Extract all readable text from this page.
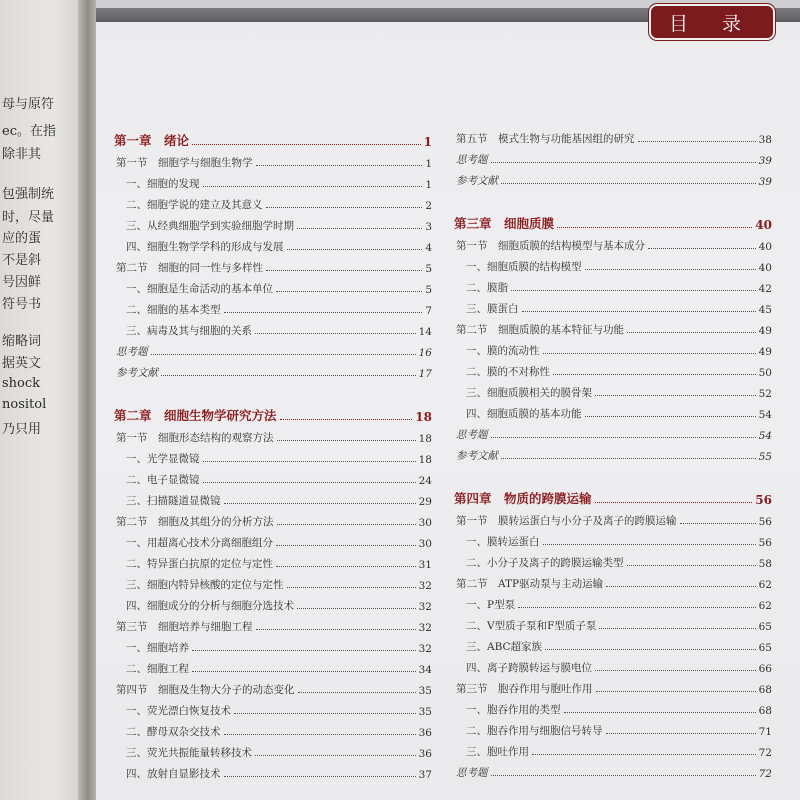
母与原符
ec。在指
除非其
包强制统
时，尽量
应的蛋
不是斜
号因鲜
符号书
缩略词
据英文
shock
nositol
乃只用
目 录
第一章　绪论	1
第一节　细胞学与细胞生物学	1
一、细胞的发现	1
二、细胞学说的建立及其意义	2
三、从经典细胞学到实验细胞学时期	3
四、细胞生物学学科的形成与发展	4
第二节　细胞的同一性与多样性	5
一、细胞是生命活动的基本单位	5
二、细胞的基本类型	7
三、病毒及其与细胞的关系	14
思考题	16
参考文献	17
第二章　细胞生物学研究方法	18
第一节　细胞形态结构的观察方法	18
一、光学显微镜	18
二、电子显微镜	24
三、扫描隧道显微镜	29
第二节　细胞及其组分的分析方法	30
一、用超离心技术分离细胞组分	30
二、特异蛋白抗原的定位与定性	31
三、细胞内特异核酸的定位与定性	32
四、细胞成分的分析与细胞分选技术	32
第三节　细胞培养与细胞工程	32
一、细胞培养	32
二、细胞工程	34
第四节　细胞及生物大分子的动态变化	35
一、荧光漂白恢复技术	35
二、酵母双杂交技术	36
三、荧光共振能量转移技术	36
四、放射自显影技术	37
第五节　模式生物与功能基因组的研究	38
思考题	39
参考文献	39
第三章　细胞质膜	40
第一节　细胞质膜的结构模型与基本成分	40
一、细胞质膜的结构模型	40
二、膜脂	42
三、膜蛋白	45
第二节　细胞质膜的基本特征与功能	49
一、膜的流动性	49
二、膜的不对称性	50
三、细胞质膜相关的膜骨架	52
四、细胞质膜的基本功能	54
思考题	54
参考文献	55
第四章　物质的跨膜运输	56
第一节　膜转运蛋白与小分子及离子的跨膜运输	56
一、膜转运蛋白	56
二、小分子及离子的跨膜运输类型	58
第二节　ATP驱动泵与主动运输	62
一、P型泵	62
二、V型质子泵和F型质子泵	65
三、ABC超家族	65
四、离子跨膜转运与膜电位	66
第三节　胞吞作用与胞吐作用	68
一、胞吞作用的类型	68
二、胞吞作用与细胞信号转导	71
三、胞吐作用	72
思考题	72
